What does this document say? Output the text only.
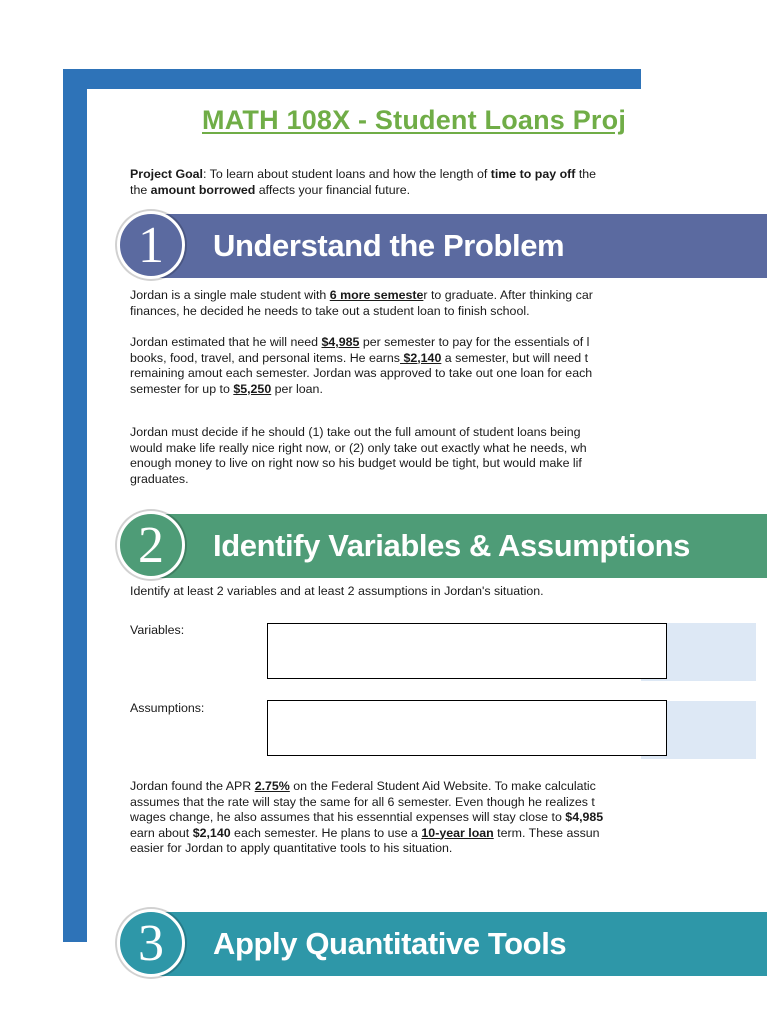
MATH 108X - Student Loans Proj

Project Goal: To learn about student loans and how the length of time to pay off the
the amount borrowed affects your financial future.

Understand the Problem
1

Jordan is a single male student with 6 more semester to graduate. After thinking car
finances, he decided he needs to take out a student loan to finish school.

Jordan estimated that he will need $4,985 per semester to pay for the essentials of l
books, food, travel, and personal items. He earns $2,140 a semester, but will need t
remaining amout each semester. Jordan was approved to take out one loan for each
semester for up to $5,250 per loan.

Jordan must decide if he should (1) take out the full amount of student loans being
would make life really nice right now, or (2) only take out exactly what he needs, wh
enough money to live on right now so his budget would be tight, but would make lif
graduates.

Identify Variables & Assumptions
2

Identify at least 2 variables and at least 2 assumptions in Jordan's situation.

Variables:
Assumptions:

Jordan found the APR 2.75% on the Federal Student Aid Website. To make calculatic
assumes that the rate will stay the same for all 6 semester. Even though he realizes t
wages change, he also assumes that his essenntial expenses will stay close to $4,985
earn about $2,140 each semester. He plans to use a 10-year loan term. These assun
easier for Jordan to apply quantitative tools to his situation.

Apply Quantitative Tools
3
